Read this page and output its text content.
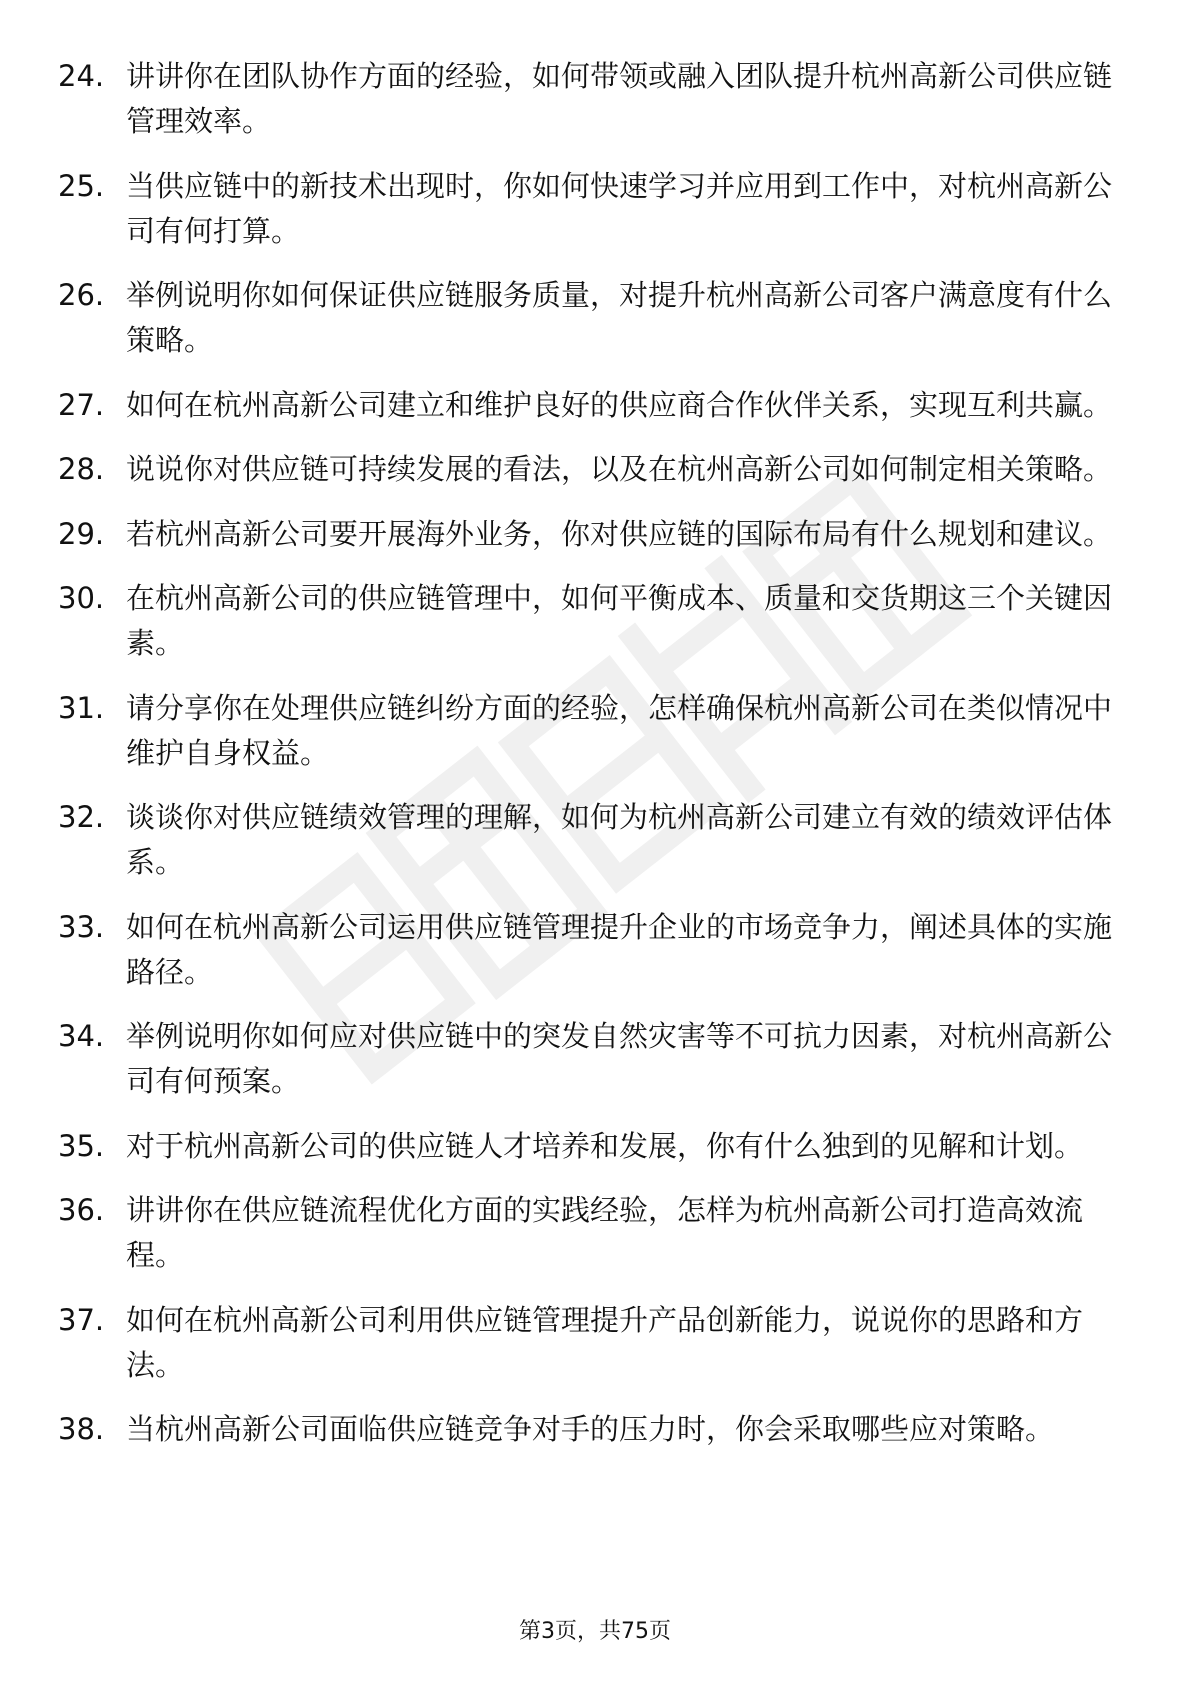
24. 讲讲你在团队协作方面的经验，如何带领或融入团队提升杭州高新公司供应链管理效率。
25. 当供应链中的新技术出现时，你如何快速学习并应用到工作中，对杭州高新公司有何打算。
26. 举例说明你如何保证供应链服务质量，对提升杭州高新公司客户满意度有什么策略。
27. 如何在杭州高新公司建立和维护良好的供应商合作伙伴关系，实现互利共赢。
28. 说说你对供应链可持续发展的看法，以及在杭州高新公司如何制定相关策略。
29. 若杭州高新公司要开展海外业务，你对供应链的国际布局有什么规划和建议。
30. 在杭州高新公司的供应链管理中，如何平衡成本、质量和交货期这三个关键因素。
31. 请分享你在处理供应链纠纷方面的经验，怎样确保杭州高新公司在类似情况中维护自身权益。
32. 谈谈你对供应链绩效管理的理解，如何为杭州高新公司建立有效的绩效评估体系。
33. 如何在杭州高新公司运用供应链管理提升企业的市场竞争力，阐述具体的实施路径。
34. 举例说明你如何应对供应链中的突发自然灾害等不可抗力因素，对杭州高新公司有何预案。
35. 对于杭州高新公司的供应链人才培养和发展，你有什么独到的见解和计划。
36. 讲讲你在供应链流程优化方面的实践经验，怎样为杭州高新公司打造高效流程。
37. 如何在杭州高新公司利用供应链管理提升产品创新能力，说说你的思路和方法。
38. 当杭州高新公司面临供应链竞争对手的压力时，你会采取哪些应对策略。
第3页，共75页
